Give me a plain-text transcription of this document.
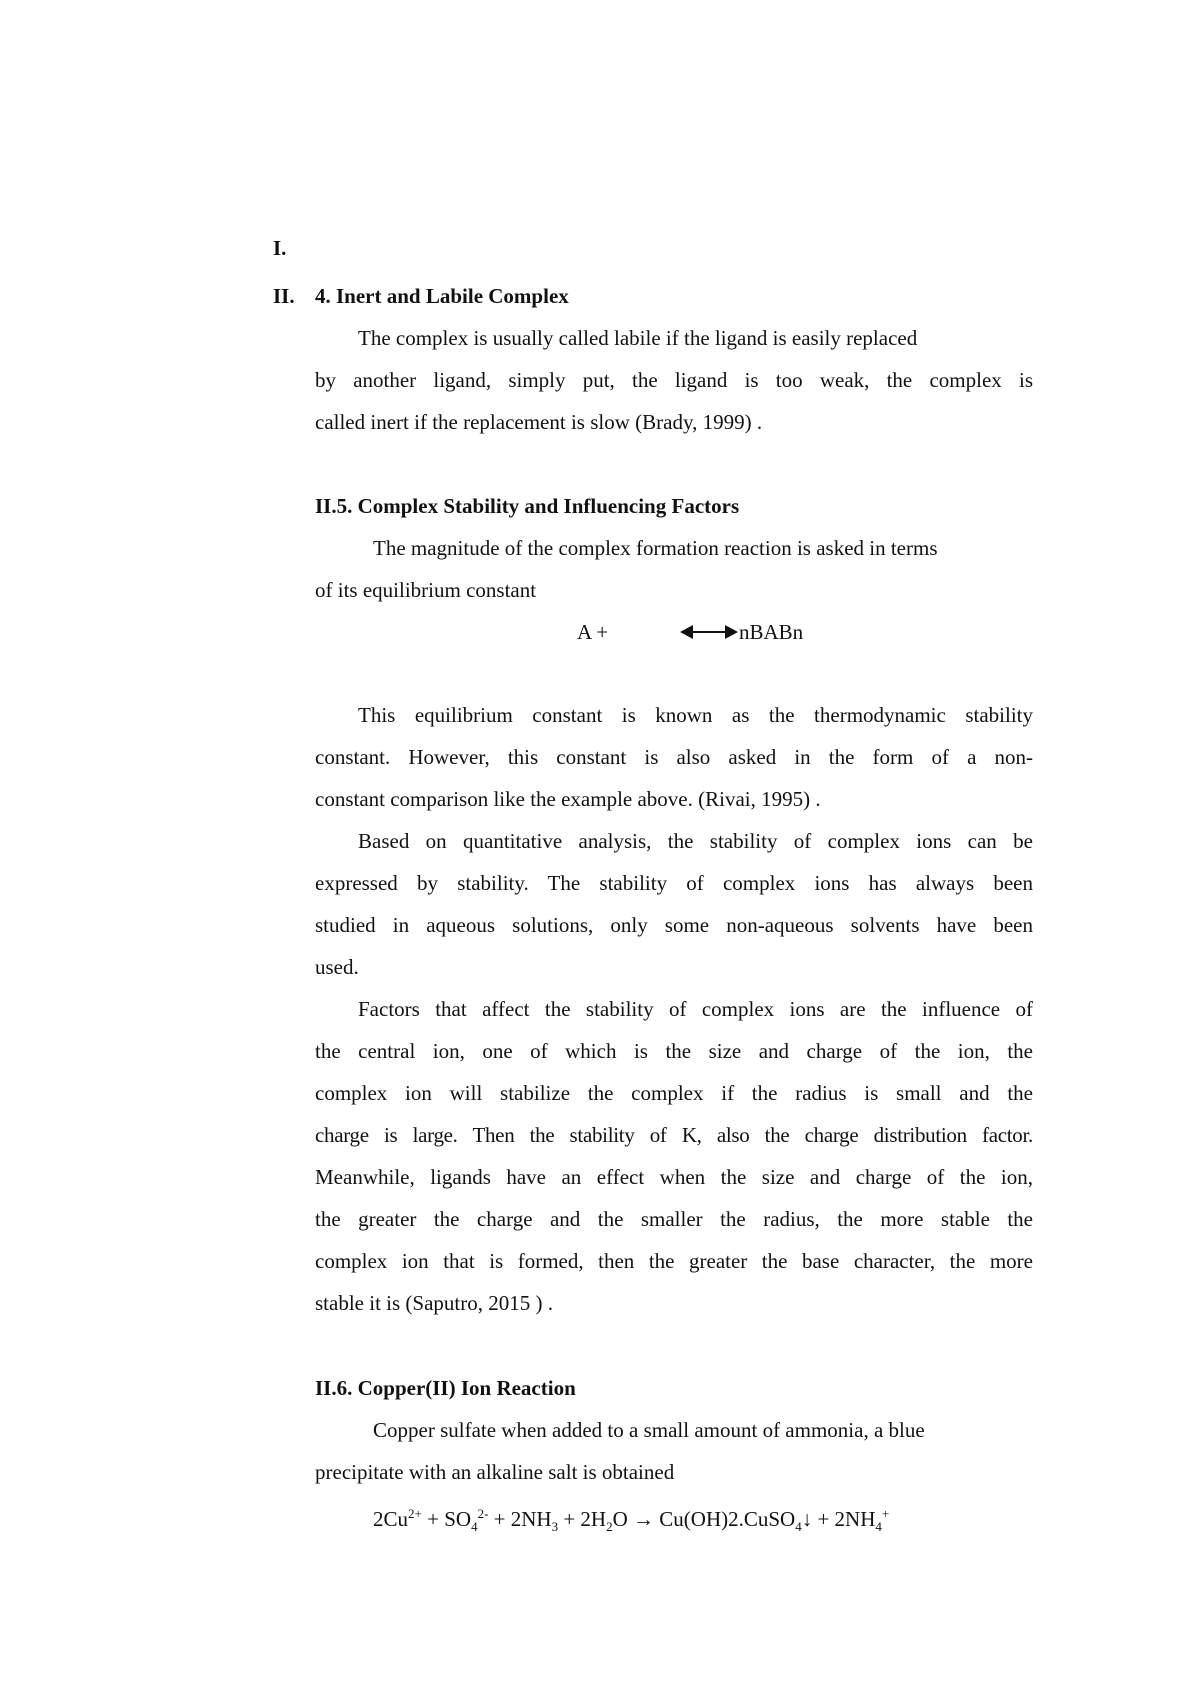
I.
II. 4. Inert and Labile Complex
The complex is usually called labile if the ligand is easily replaced
by another ligand, simply put, the ligand is too weak, the complex is
called inert if the replacement is slow (Brady, 1999) .
II.5. Complex Stability and Influencing Factors
The magnitude of the complex formation reaction is asked in terms
of its equilibrium constant
A +	nBABn
This equilibrium constant is known as the thermodynamic stability
constant. However, this constant is also asked in the form of a non-
constant comparison like the example above. (Rivai, 1995) .
Based on quantitative analysis, the stability of complex ions can be
expressed by stability. The stability of complex ions has always been
studied in aqueous solutions, only some non-aqueous solvents have been
used.
Factors that affect the stability of complex ions are the influence of
the central ion, one of which is the size and charge of the ion, the
complex ion will stabilize the complex if the radius is small and the
charge is large. Then the stability of K, also the charge distribution factor.
Meanwhile, ligands have an effect when the size and charge of the ion,
the greater the charge and the smaller the radius, the more stable the
complex ion that is formed, then the greater the base character, the more
stable it is (Saputro, 2015 ) .
II.6. Copper(II) Ion Reaction
Copper sulfate when added to a small amount of ammonia, a blue
precipitate with an alkaline salt is obtained
$2Cu^{2+} + SO_4^{2-} + 2NH_3 + 2H_2O$ → Cu(OH)2.CuSO$_4$↓ + $2NH_4^+$
